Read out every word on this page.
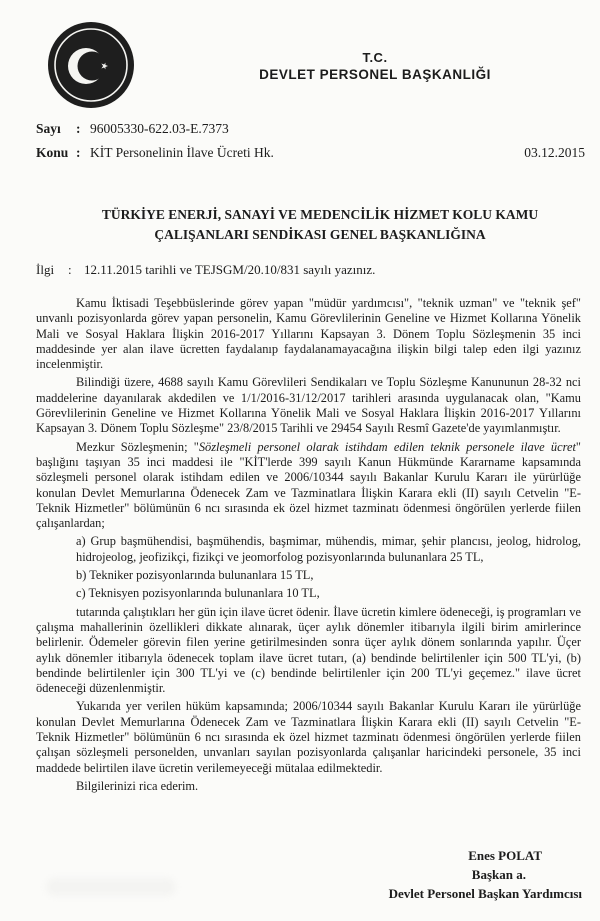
T.C.
DEVLET PERSONEL BAŞKANLIĞI
Sayı : 96005330-622.03-E.7373
Konu : KİT Personelinin İlave Ücreti Hk.	03.12.2015
TÜRKİYE ENERJİ, SANAYİ VE MEDENCİLİK HİZMET KOLU KAMU
ÇALIŞANLARI SENDİKASI GENEL BAŞKANLIĞINA
İlgi : 12.11.2015 tarihli ve TEJSGM/20.10/831 sayılı yazınız.

Kamu İktisadi Teşebbüslerinde görev yapan "müdür yardımcısı", "teknik uzman" ve "teknik şef" unvanlı pozisyonlarda görev yapan personelin, Kamu Görevlilerinin Geneline ve Hizmet Kollarına Yönelik Mali ve Sosyal Haklara İlişkin 2016-2017 Yıllarını Kapsayan 3. Dönem Toplu Sözleşmenin 35 inci maddesinde yer alan ilave ücretten faydalanıp faydalanamayacağına ilişkin bilgi talep eden ilgi yazınız incelenmiştir.

Bilindiği üzere, 4688 sayılı Kamu Görevlileri Sendikaları ve Toplu Sözleşme Kanununun 28-32 nci maddelerine dayanılarak akdedilen ve 1/1/2016-31/12/2017 tarihleri arasında uygulanacak olan, "Kamu Görevlilerinin Geneline ve Hizmet Kollarına Yönelik Mali ve Sosyal Haklara İlişkin 2016-2017 Yıllarını Kapsayan 3. Dönem Toplu Sözleşme" 23/8/2015 Tarihli ve 29454 Sayılı Resmî Gazete'de yayımlanmıştır.

Mezkur Sözleşmenin; "Sözleşmeli personel olarak istihdam edilen teknik personele ilave ücret" başlığını taşıyan 35 inci maddesi ile "KİT'lerde 399 sayılı Kanun Hükmünde Kararname kapsamında sözleşmeli personel olarak istihdam edilen ve 2006/10344 sayılı Bakanlar Kurulu Kararı ile yürürlüğe konulan Devlet Memurlarına Ödenecek Zam ve Tazminatlara İlişkin Karara ekli (II) sayılı Cetvelin "E- Teknik Hizmetler" bölümünün 6 ncı sırasında ek özel hizmet tazminatı ödenmesi öngörülen yerlerde fiilen çalışanlardan;

a) Grup başmühendisi, başmühendis, başmimar, mühendis, mimar, şehir plancısı, jeolog, hidrolog, hidrojeolog, jeofizikçi, fizikçi ve jeomorfolog pozisyonlarında bulunanlara 25 TL,

b) Tekniker pozisyonlarında bulunanlara 15 TL,

c) Teknisyen pozisyonlarında bulunanlara 10 TL,

tutarında çalıştıkları her gün için ilave ücret ödenir. İlave ücretin kimlere ödeneceği, iş programları ve çalışma mahallerinin özellikleri dikkate alınarak, üçer aylık dönemler itibarıyla ilgili birim amirlerince belirlenir. Ödemeler görevin filen yerine getirilmesinden sonra üçer aylık dönem sonlarında yapılır. Üçer aylık dönemler itibarıyla ödenecek toplam ilave ücret tutarı, (a) bendinde belirtilenler için 500 TL'yi, (b) bendinde belirtilenler için 300 TL'yi ve (c) bendinde belirtilenler için 200 TL'yi geçemez." ilave ücret ödeneceği düzenlenmiştir.

Yukarıda yer verilen hüküm kapsamında; 2006/10344 sayılı Bakanlar Kurulu Kararı ile yürürlüğe konulan Devlet Memurlarına Ödenecek Zam ve Tazminatlara İlişkin Karara ekli (II) sayılı Cetvelin "E-Teknik Hizmetler" bölümünün 6 ncı sırasında ek özel hizmet tazminatı ödenmesi öngörülen yerlerde fiilen çalışan sözleşmeli personelden, unvanları sayılan pozisyonlarda çalışanlar haricindeki personele, 35 inci maddede belirtilen ilave ücretin verilemeyeceği mütalaa edilmektedir.

Bilgilerinizi rica ederim.

Enes POLAT
Başkan a.
Devlet Personel Başkan Yardımcısı
